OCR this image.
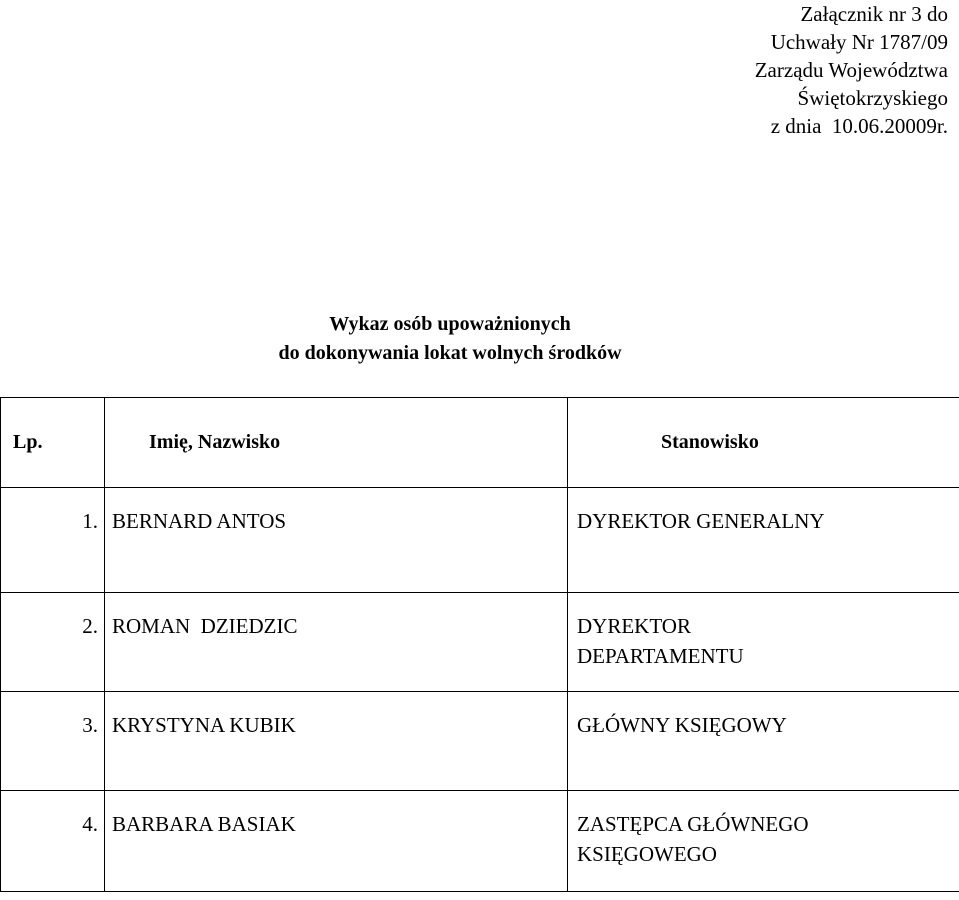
Załącznik nr 3 do
Uchwały Nr 1787/09
Zarządu Województwa
Świętokrzyskiego
z dnia  10.06.20009r.
Wykaz osób upoważnionych
do dokonywania lokat wolnych środków
Lp.	Imię, Nazwisko	Stanowisko
1.	BERNARD ANTOS	DYREKTOR GENERALNY

2.	ROMAN  DZIEDZIC	DYREKTOR
DEPARTAMENTU

3.	KRYSTYNA KUBIK	GŁÓWNY KSIĘGOWY

4.	BARBARA BASIAK	ZASTĘPCA GŁÓWNEGO
KSIĘGOWEGO
